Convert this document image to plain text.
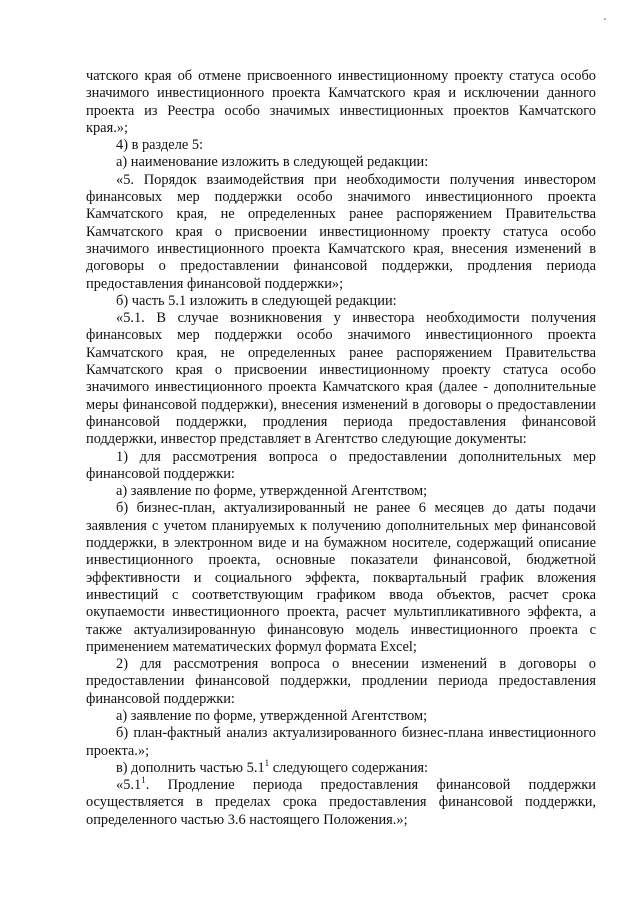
чатского края об отмене присвоенного инвестиционному проекту статуса особо значимого инвестиционного проекта Камчатского края и исключении данного проекта из Реестра особо значимых инвестиционных проектов Камчатского края.»;

4) в разделе 5:

а) наименование изложить в следующей редакции:

«5. Порядок взаимодействия при необходимости получения инвестором финансовых мер поддержки особо значимого инвестиционного проекта Камчатского края, не определенных ранее распоряжением Правительства Камчатского края о присвоении инвестиционному проекту статуса особо значимого инвестиционного проекта Камчатского края, внесения изменений в договоры о предоставлении финансовой поддержки, продления периода предоставления финансовой поддержки»;

б) часть 5.1 изложить в следующей редакции:

«5.1. В случае возникновения у инвестора необходимости получения финансовых мер поддержки особо значимого инвестиционного проекта Камчатского края, не определенных ранее распоряжением Правительства Камчатского края о присвоении инвестиционному проекту статуса особо значимого инвестиционного проекта Камчатского края (далее - дополнительные меры финансовой поддержки), внесения изменений в договоры о предоставлении финансовой поддержки, продления периода предоставления финансовой поддержки, инвестор представляет в Агентство следующие документы:

1) для рассмотрения вопроса о предоставлении дополнительных мер финансовой поддержки:

а) заявление по форме, утвержденной Агентством;

б) бизнес-план, актуализированный не ранее 6 месяцев до даты подачи заявления с учетом планируемых к получению дополнительных мер финансовой поддержки, в электронном виде и на бумажном носителе, содержащий описание инвестиционного проекта, основные показатели финансовой, бюджетной эффективности и социального эффекта, поквартальный график вложения инвестиций с соответствующим графиком ввода объектов, расчет срока окупаемости инвестиционного проекта, расчет мультипликативного эффекта, а также актуализированную финансовую модель инвестиционного проекта с применением математических формул формата Excel;

2) для рассмотрения вопроса о внесении изменений в договоры о предоставлении финансовой поддержки, продлении периода предоставления финансовой поддержки:

а) заявление по форме, утвержденной Агентством;

б) план-фактный анализ актуализированного бизнес-плана инвестиционного проекта.»;

в) дополнить частью $5.1^1$ следующего содержания:

«$5.1^1$. Продление периода предоставления финансовой поддержки осуществляется в пределах срока предоставления финансовой поддержки, определенного частью 3.6 настоящего Положения.»;
